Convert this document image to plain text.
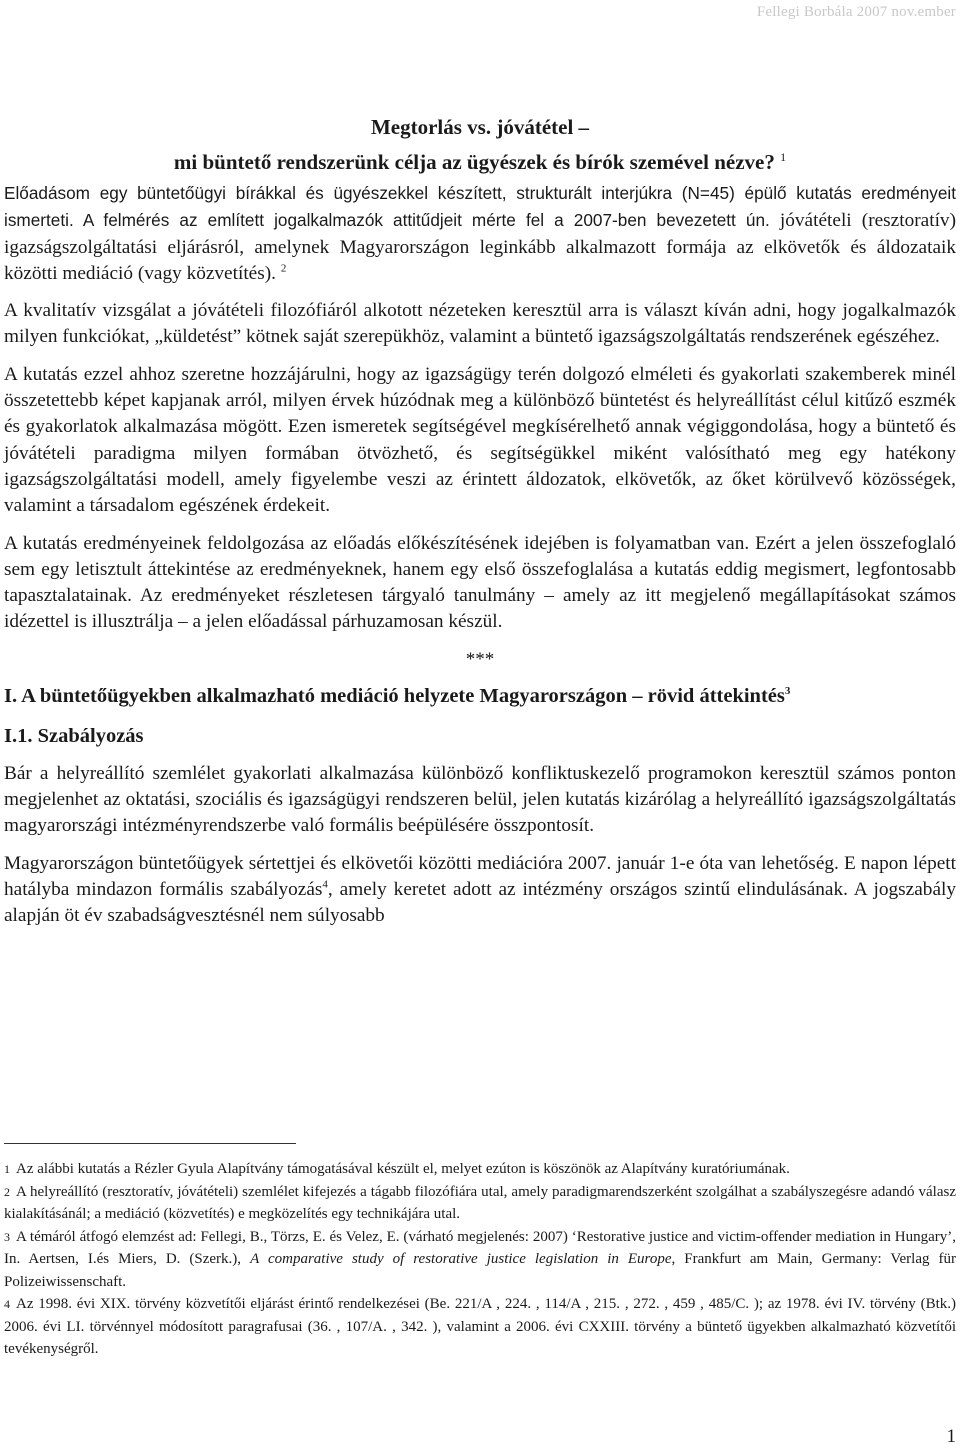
Fellegi Borbála 2007 nov.ember

Megtorlás vs. jóvátétel –

mi büntető rendszerünk célja az ügyészek és bírók szemével nézve? $^1$

Előadásom egy büntetőügyi bírákkal és ügyészekkel készített, strukturált interjúkra (N=45) épülő kutatás eredményeit ismerteti. A felmérés az említett jogalkalmazók attitűdjeit mérte fel a 2007-ben bevezetett ún. jóvátételi (resztoratív) igazságszolgáltatási eljárásról, amelynek Magyarországon leginkább alkalmazott formája az elkövetők és áldozataik közötti mediáció (vagy közvetítés). $^2$

A kvalitatív vizsgálat a jóvátételi filozófiáról alkotott nézeteken keresztül arra is választ kíván adni, hogy jogalkalmazók milyen funkciókat, „küldetést” kötnek saját szerepükhöz, valamint a büntető igazságszolgáltatás rendszerének egészéhez.

A kutatás ezzel ahhoz szeretne hozzájárulni, hogy az igazságügy terén dolgozó elméleti és gyakorlati szakemberek minél összetettebb képet kapjanak arról, milyen érvek húzódnak meg a különböző büntetést és helyreállítást célul kitűző eszmék és gyakorlatok alkalmazása mögött. Ezen ismeretek segítségével megkísérelhető annak végiggondolása, hogy a büntető és jóvátételi paradigma milyen formában ötvözhető, és segítségükkel miként valósítható meg egy hatékony igazságszolgáltatási modell, amely figyelembe veszi az érintett áldozatok, elkövetők, az őket körülvevő közösségek, valamint a társadalom egészének érdekeit.

A kutatás eredményeinek feldolgozása az előadás előkészítésének idejében is folyamatban van. Ezért a jelen összefoglaló sem egy letisztult áttekintése az eredményeknek, hanem egy első összefoglalása a kutatás eddig megismert, legfontosabb tapasztalatainak. Az eredményeket részletesen tárgyaló tanulmány – amely az itt megjelenő megállapításokat számos idézettel is illusztrálja – a jelen előadással párhuzamosan készül.

***

I. A büntetőügyekben alkalmazható mediáció helyzete Magyarországon – rövid áttekintés$^3$

I.1. Szabályozás

Bár a helyreállító szemlélet gyakorlati alkalmazása különböző konfliktuskezelő programokon keresztül számos ponton megjelenhet az oktatási, szociális és igazságügyi rendszeren belül, jelen kutatás kizárólag a helyreállító igazságszolgáltatás magyarországi intézményrendszerbe való formális beépülésére összpontosít.

Magyarországon büntetőügyek sértettjei és elkövetői közötti mediációra 2007. január 1-e óta van lehetőség. E napon lépett hatályba mindazon formális szabályozás$^4$, amely keretet adott az intézmény országos szintű elindulásának. A jogszabály alapján öt év szabadságvesztésnél nem súlyosabb

1 Az alábbi kutatás a Rézler Gyula Alapítvány támogatásával készült el, melyet ezúton is köszönök az Alapítvány kuratóriumának.

2 A helyreállító (resztoratív, jóvátételi) szemlélet kifejezés a tágabb filozófiára utal, amely paradigmarendszerként szolgálhat a szabályszegésre adandó válasz kialakításánál; a mediáció (közvetítés) e megközelítés egy technikájára utal.

3 A témáról átfogó elemzést ad: Fellegi, B., Törzs, E. és Velez, E. (várható megjelenés: 2007) ‘Restorative justice and victim-offender mediation in Hungary’, In. Aertsen, I.és Miers, D. (Szerk.), A comparative study of restorative justice legislation in Europe, Frankfurt am Main, Germany: Verlag für Polizeiwissenschaft.

4 Az 1998. évi XIX. törvény közvetítői eljárást érintő rendelkezései (Be. 221/A , 224. , 114/A , 215. , 272. , 459 , 485/C. ); az 1978. évi IV. törvény (Btk.) 2006. évi LI. törvénnyel módosított paragrafusai (36. , 107/A. , 342. ), valamint a 2006. évi CXXIII. törvény a büntető ügyekben alkalmazható közvetítői tevékenységről.

1
